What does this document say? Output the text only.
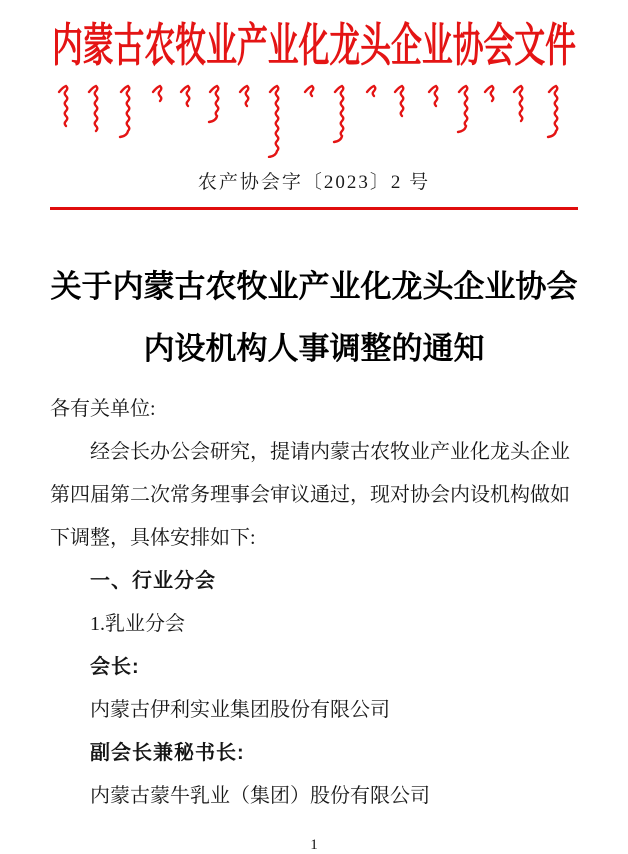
内蒙古农牧业产业化龙头企业协会文件
农产协会字〔2023〕2 号
关于内蒙古农牧业产业化龙头企业协会
内设机构人事调整的通知
各有关单位:
经会长办公会研究，提请内蒙古农牧业产业化龙头企业
第四届第二次常务理事会审议通过，现对协会内设机构做如
下调整，具体安排如下:
一、行业分会
1.乳业分会
会长:
内蒙古伊利实业集团股份有限公司
副会长兼秘书长:
内蒙古蒙牛乳业（集团）股份有限公司
1
